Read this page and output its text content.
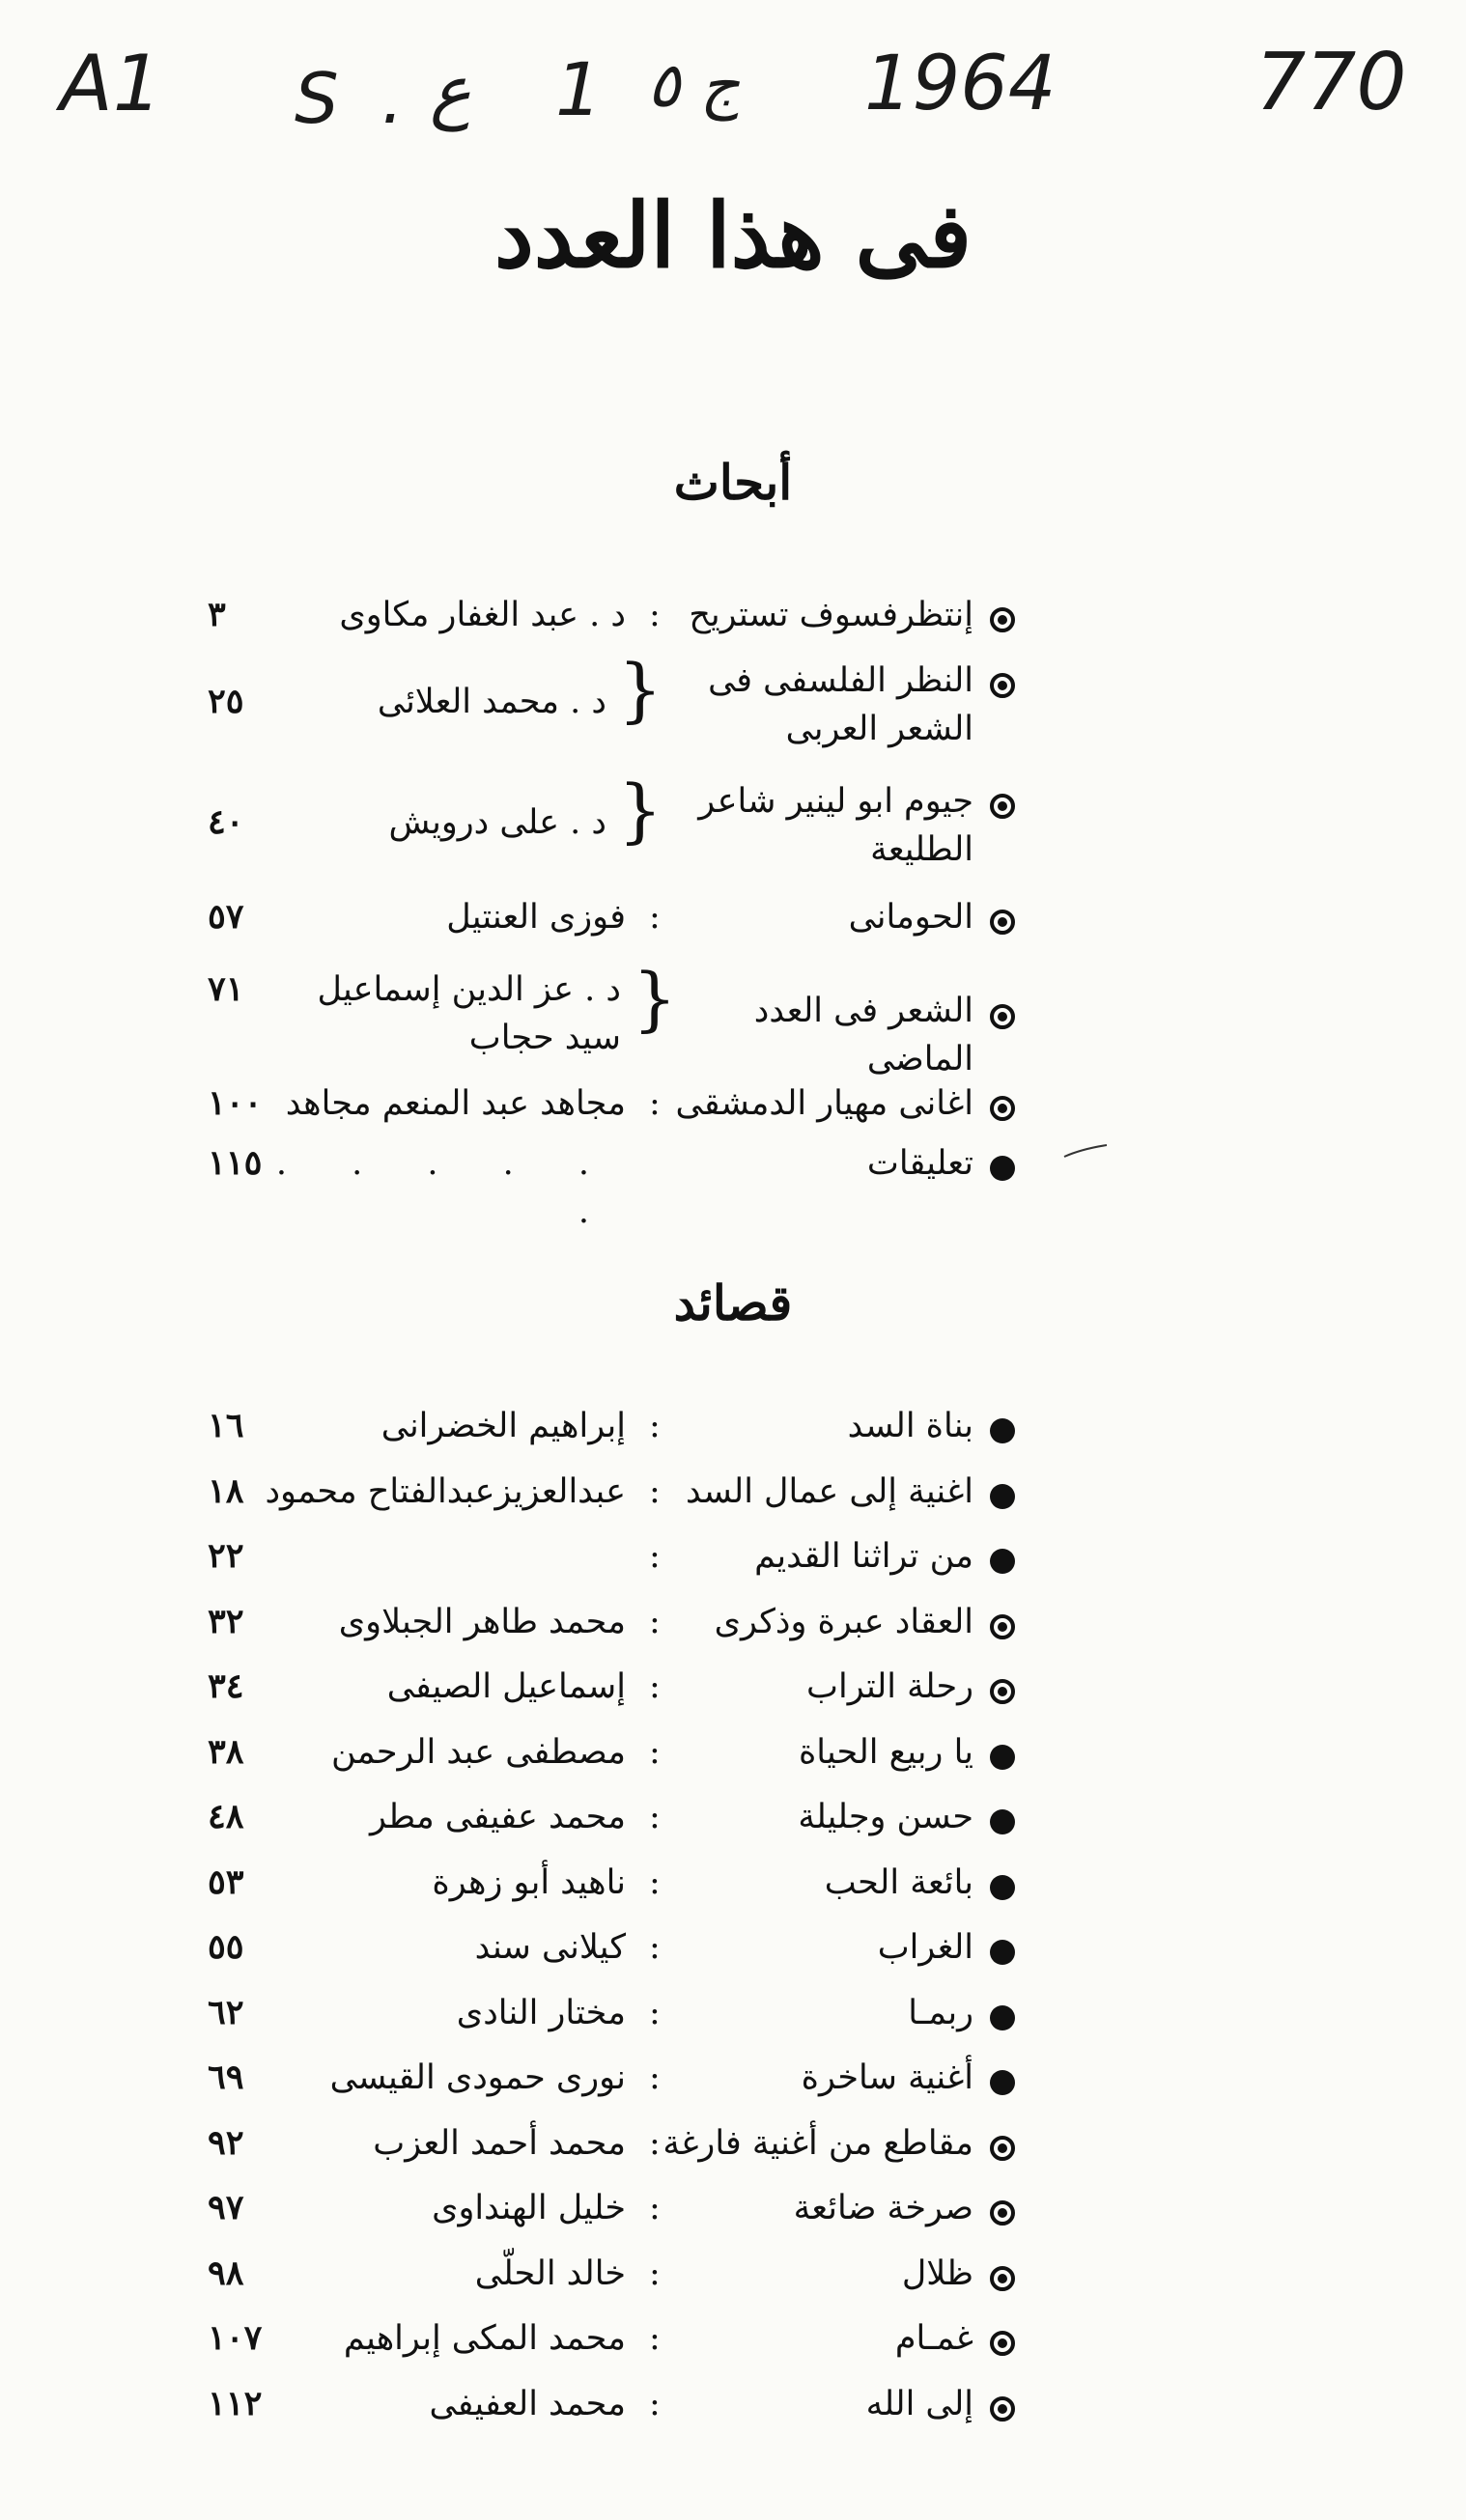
A1 S . ع 1 ج ٥ 1964	770
فى هذا العدد
أبحاث
إنتظرفسوف تستريح
:
د . عبد الغفار مكاوى
٣
النظر الفلسفى فى الشعر العربى
}
د . محمد العلائى
٢٥
جيوم ابو لينير شاعر الطليعة
}
د . على درويش
٤٠
الحومانى
:
فوزى العنتيل
٥٧
الشعر فى العدد الماضى
}
د . عز الدين إسماعيل
سيد حجاب
٧١
اغانى مهيار الدمشقى
:
مجاهد عبد المنعم مجاهد
١٠٠
تعليقات
. . . . . .
١١٥
قصائد
بناة السد
:
إبراهيم الخضرانى
١٦
اغنية إلى عمال السد
:
عبدالعزيزعبدالفتاح محمود
١٨
من تراثنا القديم
:
٢٢
العقاد عبرة وذكرى
:
محمد طاهر الجبلاوى
٣٢
رحلة التراب
:
إسماعيل الصيفى
٣٤
يا ربيع الحياة
:
مصطفى عبد الرحمن
٣٨
حسن وجليلة
:
محمد عفيفى مطر
٤٨
بائعة الحب
:
ناهيد أبو زهرة
٥٣
الغراب
:
كيلانى سند
٥٥
ربمـا
:
مختار النادى
٦٢
أغنية ساخرة
:
نورى حمودى القيسى
٦٩
مقاطع من أغنية فارغة
:
محمد أحمد العزب
٩٢
صرخة ضائعة
:
خليل الهنداوى
٩٧
ظلال
:
خالد الحلّى
٩٨
غمـام
:
محمد المكى إبراهيم
١٠٧
إلى الله
:
محمد العفيفى
١١٢
